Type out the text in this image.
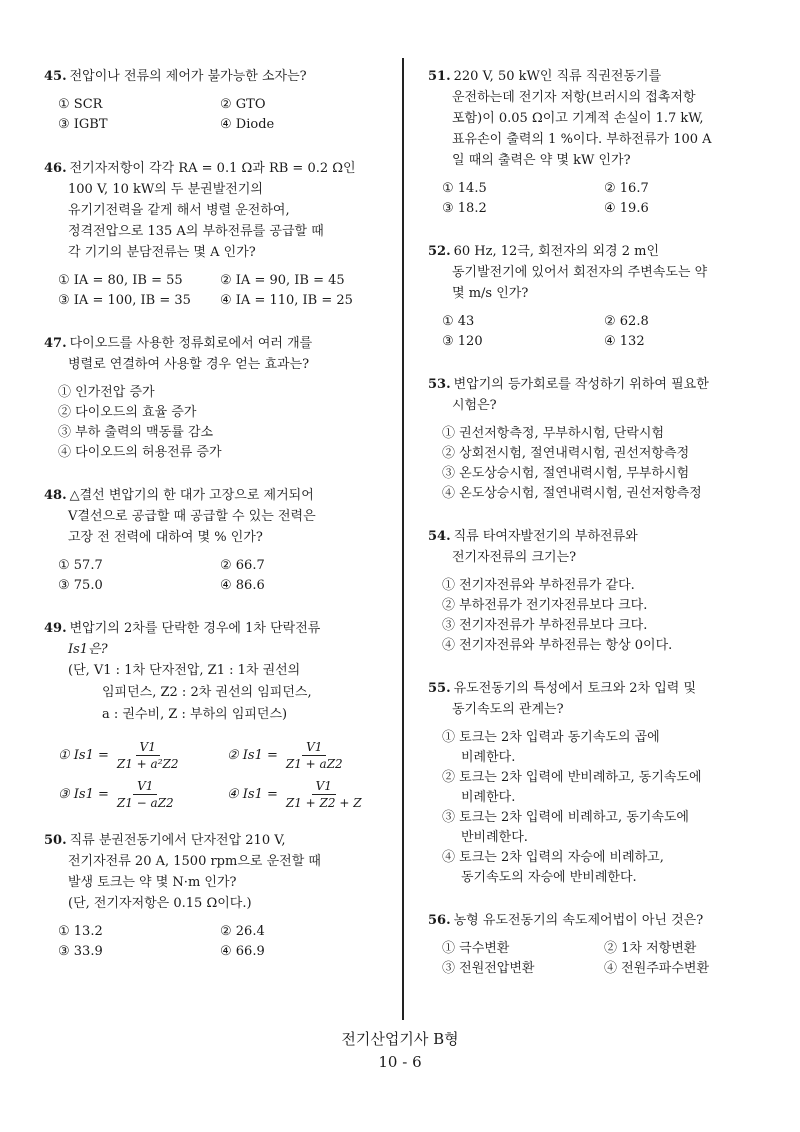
45. 전압이나 전류의 제어가 불가능한 소자는?
① SCR	② GTO
③ IGBT	④ Diode
46. 전기자저항이 각각 RA = 0.1 Ω과 RB = 0.2 Ω인
100 V, 10 kW의 두 분권발전기의
유기기전력을 같게 해서 병렬 운전하여,
정격전압으로 135 A의 부하전류를 공급할 때
각 기기의 분담전류는 몇 A 인가?
① IA = 80, IB = 55	② IA = 90, IB = 45
③ IA = 100, IB = 35	④ IA = 110, IB = 25
47. 다이오드를 사용한 정류회로에서 여러 개를
병렬로 연결하여 사용할 경우 얻는 효과는?
① 인가전압 증가
② 다이오드의 효율 증가
③ 부하 출력의 맥동률 감소
④ 다이오드의 허용전류 증가
48. △결선 변압기의 한 대가 고장으로 제거되어
V결선으로 공급할 때 공급할 수 있는 전력은
고장 전 전력에 대하여 몇 % 인가?
① 57.7	② 66.7
③ 75.0	④ 86.6
49. 변압기의 2차를 단락한 경우에 1차 단락전류
Is1은?
(단, V1 : 1차 단자전압, Z1 : 1차 권선의
임피던스, Z2 : 2차 권선의 임피던스,
a : 권수비, Z : 부하의 임피던스)
① $Is1 = \frac{V1}{\text{Z1 + a²Z2}}$	② $Is1 = \frac{V1}{Z1 + aZ2}$
③ $Is1 = \frac{V1}{Z1 - aZ2}$	④ $Is1 = \frac{V1}{Z1 + Z2 + Z}$
50. 직류 분권전동기에서 단자전압 210 V,
전기자전류 20 A, 1500 rpm으로 운전할 때
발생 토크는 약 몇 N·m 인가?
(단, 전기자저항은 0.15 Ω이다.)
① 13.2	② 26.4
③ 33.9	④ 66.9
51. 220 V, 50 kW인 직류 직권전동기를
운전하는데 전기자 저항(브러시의 접촉저항
포함)이 0.05 Ω이고 기계적 손실이 1.7 kW,
표유손이 출력의 1 %이다. 부하전류가 100 A
일 때의 출력은 약 몇 kW 인가?
① 14.5	② 16.7
③ 18.2	④ 19.6
52. 60 Hz, 12극, 회전자의 외경 2 m인
동기발전기에 있어서 회전자의 주변속도는 약
몇 m/s 인가?
① 43	② 62.8
③ 120	④ 132
53. 변압기의 등가회로를 작성하기 위하여 필요한
시험은?
① 권선저항측정, 무부하시험, 단락시험
② 상회전시험, 절연내력시험, 권선저항측정
③ 온도상승시험, 절연내력시험, 무부하시험
④ 온도상승시험, 절연내력시험, 권선저항측정
54. 직류 타여자발전기의 부하전류와
전기자전류의 크기는?
① 전기자전류와 부하전류가 같다.
② 부하전류가 전기자전류보다 크다.
③ 전기자전류가 부하전류보다 크다.
④ 전기자전류와 부하전류는 항상 0이다.
55. 유도전동기의 특성에서 토크와 2차 입력 및
동기속도의 관계는?
① 토크는 2차 입력과 동기속도의 곱에
비례한다.
② 토크는 2차 입력에 반비례하고, 동기속도에
비례한다.
③ 토크는 2차 입력에 비례하고, 동기속도에
반비례한다.
④ 토크는 2차 입력의 자승에 비례하고,
동기속도의 자승에 반비례한다.
56. 농형 유도전동기의 속도제어법이 아닌 것은?
① 극수변환	② 1차 저항변환
③ 전원전압변환	④ 전원주파수변환
전기산업기사 B형
10 - 6
